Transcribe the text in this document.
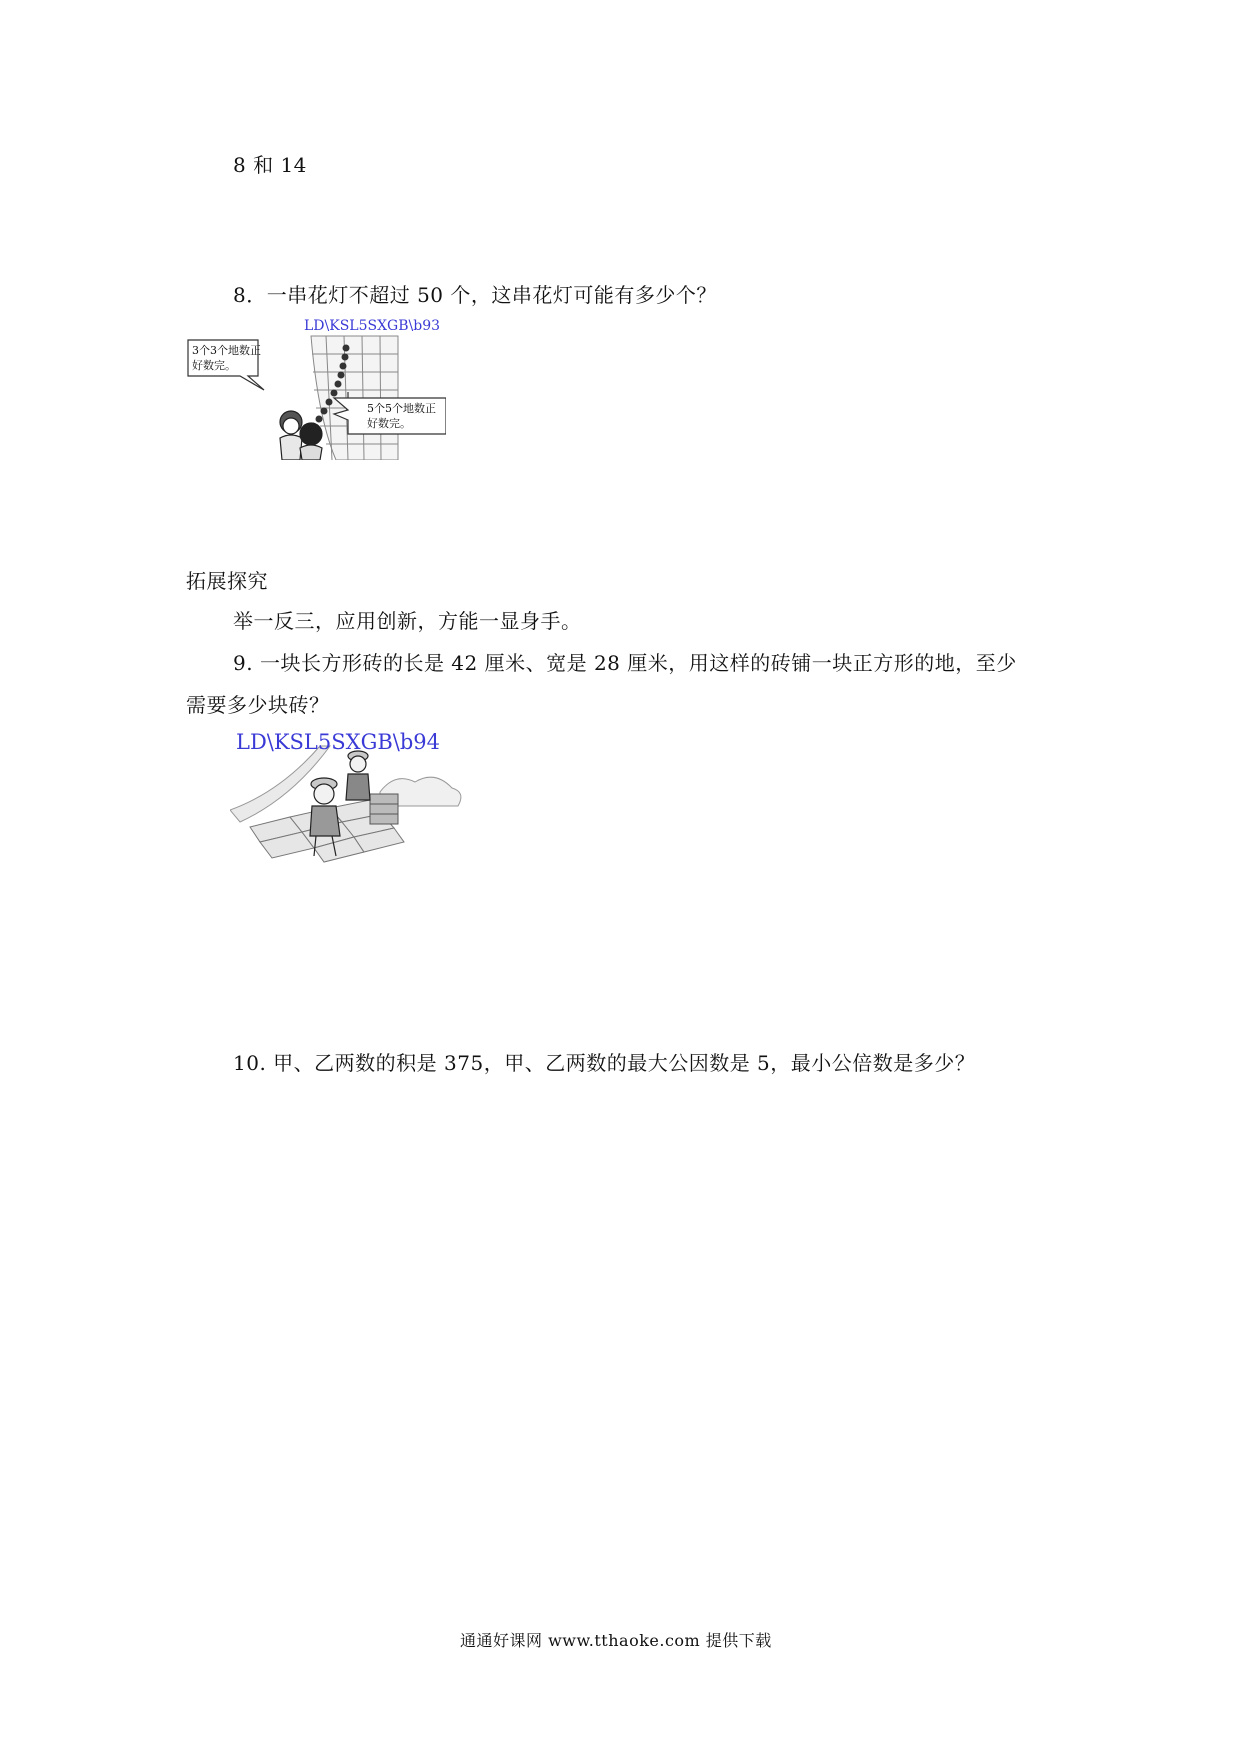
8 和 14
8．一串花灯不超过 50 个，这串花灯可能有多少个？
LD\KSL5SXGB\b93
3个3个地数正
好数完。
5个5个地数正
好数完。
拓展探究
举一反三，应用创新，方能一显身手。
9. 一块长方形砖的长是 42 厘米、宽是 28 厘米，用这样的砖铺一块正方形的地，至少
需要多少块砖？
LD\KSL5SXGB\b94
10. 甲、乙两数的积是 375，甲、乙两数的最大公因数是 5，最小公倍数是多少？
通通好课网 www.tthaoke.com 提供下载
